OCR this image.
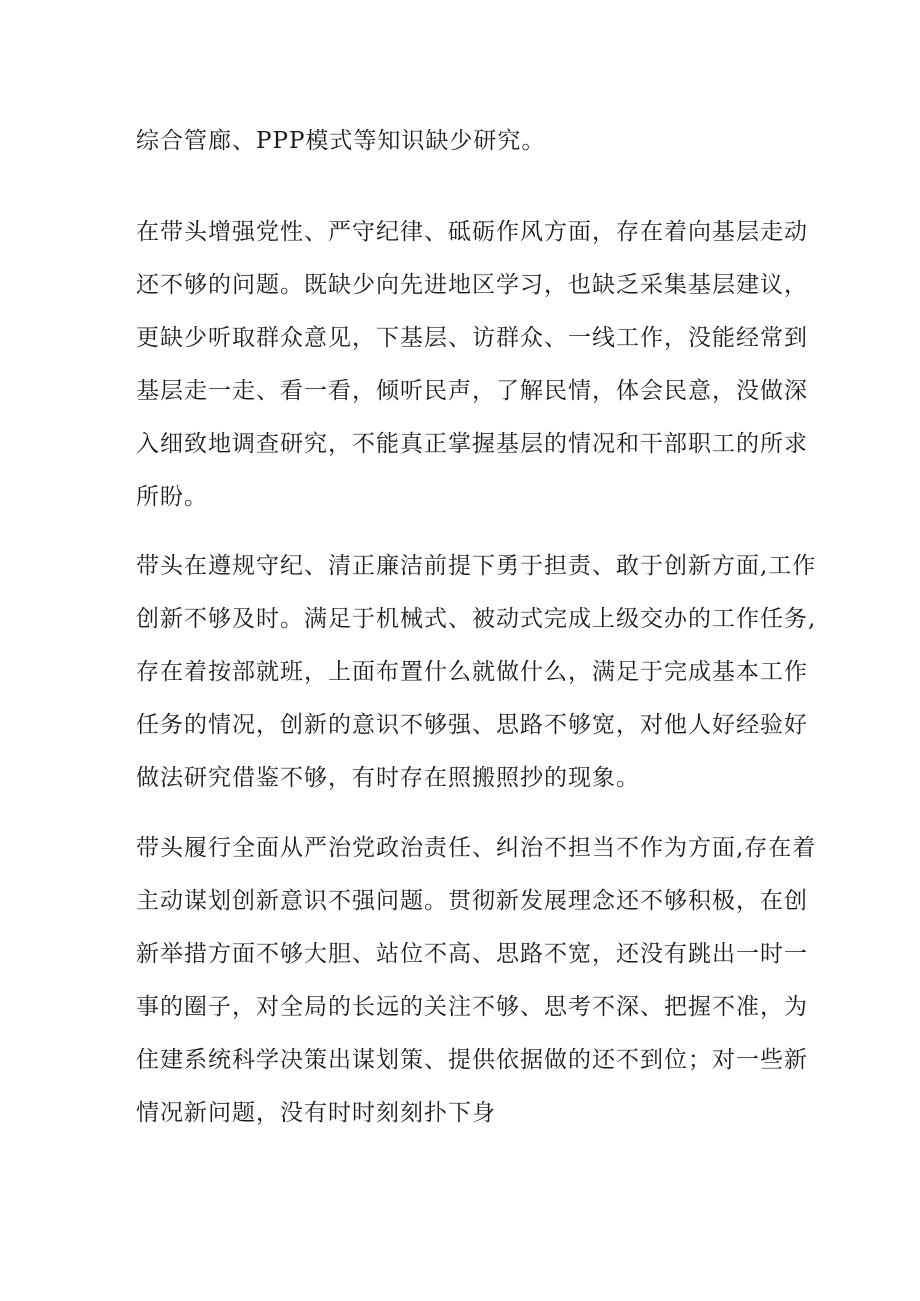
综合管廊、PPP模式等知识缺少研究。
在带头增强党性、严守纪律、砥砺作风方面，存在着向基层走动
还不够的问题。既缺少向先进地区学习，也缺乏采集基层建议，
更缺少听取群众意见，下基层、访群众、一线工作，没能经常到
基层走一走、看一看，倾听民声，了解民情，体会民意，没做深
入细致地调查研究，不能真正掌握基层的情况和干部职工的所求
所盼。
带头在遵规守纪、清正廉洁前提下勇于担责、敢于创新方面,工作
创新不够及时。满足于机械式、被动式完成上级交办的工作任务,
存在着按部就班，上面布置什么就做什么，满足于完成基本工作
任务的情况，创新的意识不够强、思路不够宽，对他人好经验好
做法研究借鉴不够，有时存在照搬照抄的现象。
带头履行全面从严治党政治责任、纠治不担当不作为方面,存在着
主动谋划创新意识不强问题。贯彻新发展理念还不够积极，在创
新举措方面不够大胆、站位不高、思路不宽，还没有跳出一时一
事的圈子，对全局的长远的关注不够、思考不深、把握不准，为
住建系统科学决策出谋划策、提供依据做的还不到位；对一些新
情况新问题，没有时时刻刻扑下身
